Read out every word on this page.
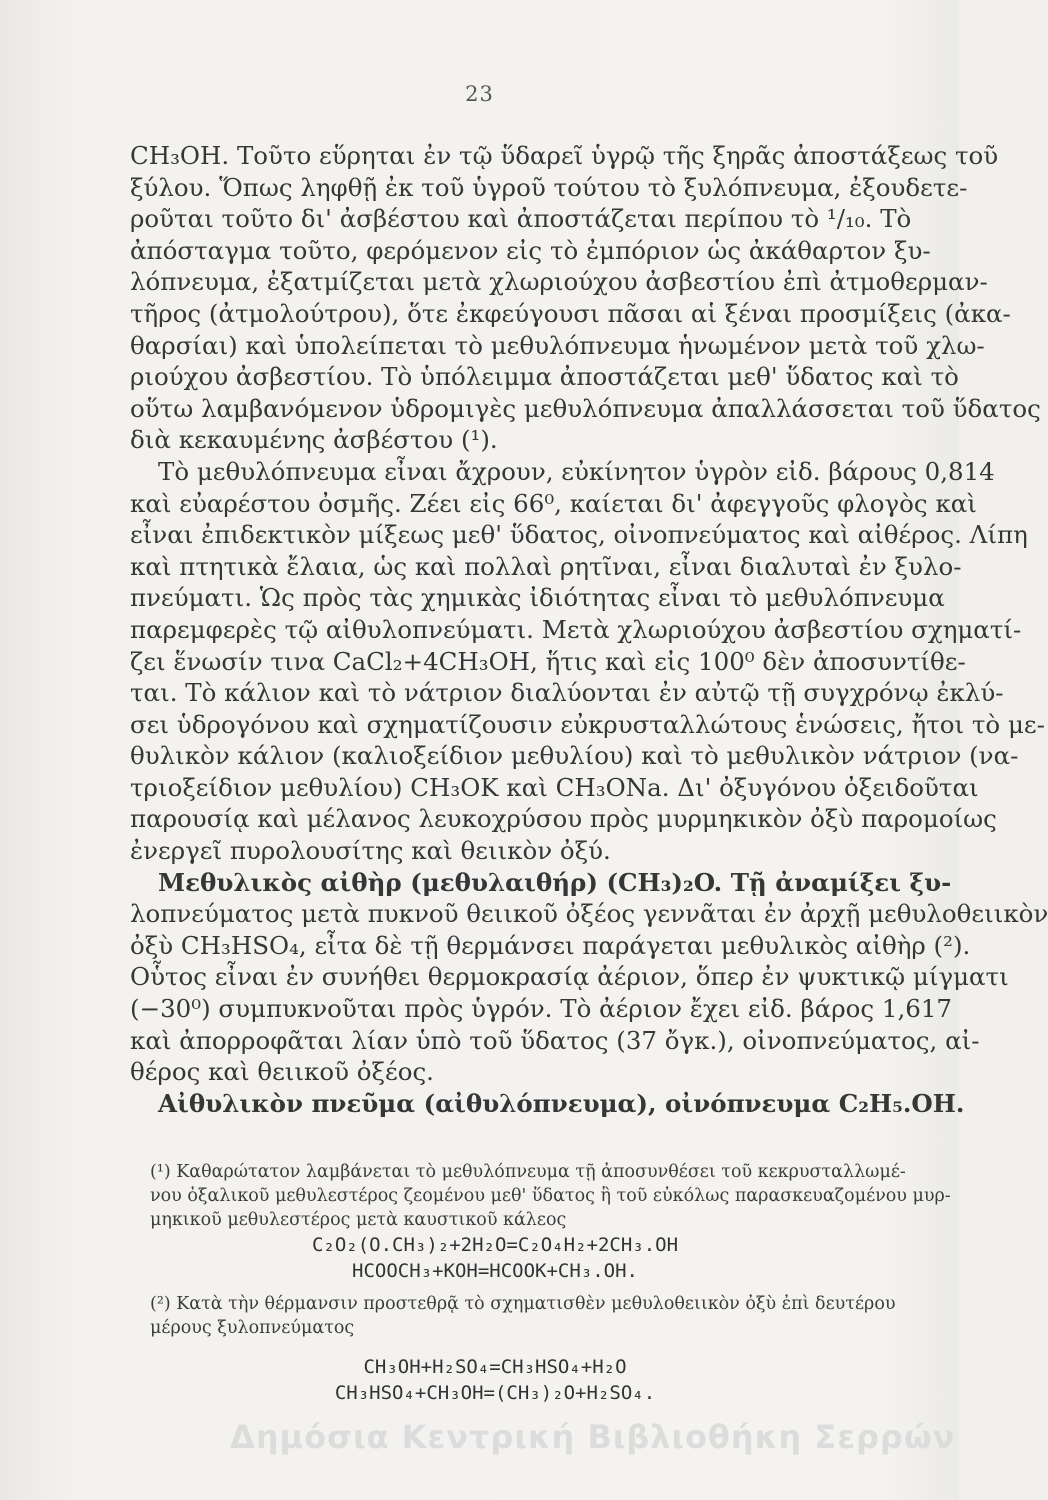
23
CH₃OH. Τοῦτο εὕρηται ἐν τῷ ὕδαρεῖ ὑγρῷ τῆς ξηρᾶς ἀποστάξεως τοῦ
ξύλου. Ὅπως ληφθῇ ἐκ τοῦ ὑγροῦ τούτου τὸ ξυλόπνευμα, ἐξουδετε-
ροῦται τοῦτο δι' ἀσβέστου καὶ ἀποστάζεται περίπου τὸ ¹/₁₀. Τὸ
ἀπόσταγμα τοῦτο, φερόμενον εἰς τὸ ἐμπόριον ὡς ἀκάθαρτον ξυ-
λόπνευμα, ἐξατμίζεται μετὰ χλωριούχου ἀσβεστίου ἐπὶ ἀτμοθερμαν-
τῆρος (ἀτμολούτρου), ὅτε ἐκφεύγουσι πᾶσαι αἱ ξέναι προσμίξεις (ἀκα-
θαρσίαι) καὶ ὑπολείπεται τὸ μεθυλόπνευμα ἡνωμένον μετὰ τοῦ χλω-
ριούχου ἀσβεστίου. Τὸ ὑπόλειμμα ἀποστάζεται μεθ' ὕδατος καὶ τὸ
οὕτω λαμβανόμενον ὑδρομιγὲς μεθυλόπνευμα ἀπαλλάσσεται τοῦ ὕδατος
διὰ κεκαυμένης ἀσβέστου (¹).
Τὸ μεθυλόπνευμα εἶναι ἄχρουν, εὐκίνητον ὑγρὸν εἰδ. βάρους 0,814
καὶ εὐαρέστου ὀσμῆς. Ζέει εἰς 66⁰, καίεται δι' ἀφεγγοῦς φλογὸς καὶ
εἶναι ἐπιδεκτικὸν μίξεως μεθ' ὕδατος, οἰνοπνεύματος καὶ αἰθέρος. Λίπη
καὶ πτητικὰ ἔλαια, ὡς καὶ πολλαὶ ρητῖναι, εἶναι διαλυταὶ ἐν ξυλο-
πνεύματι. Ὡς πρὸς τὰς χημικὰς ἰδιότητας εἶναι τὸ μεθυλόπνευμα
παρεμφερὲς τῷ αἰθυλοπνεύματι. Μετὰ χλωριούχου ἀσβεστίου σχηματί-
ζει ἕνωσίν τινα CaCl₂+4CH₃OH, ἥτις καὶ εἰς 100⁰ δὲν ἀποσυντίθε-
ται. Τὸ κάλιον καὶ τὸ νάτριον διαλύονται ἐν αὐτῷ τῇ συγχρόνῳ ἐκλύ-
σει ὑδρογόνου καὶ σχηματίζουσιν εὐκρυσταλλώτους ἑνώσεις, ἤτοι τὸ με-
θυλικὸν κάλιον (καλιοξείδιον μεθυλίου) καὶ τὸ μεθυλικὸν νάτριον (να-
τριοξείδιον μεθυλίου) CH₃OK καὶ CH₃ONa. Δι' ὀξυγόνου ὀξειδοῦται
παρουσίᾳ καὶ μέλανος λευκοχρύσου πρὸς μυρμηκικὸν ὀξὺ παρομοίως
ἐνεργεῖ πυρολουσίτης καὶ θειικὸν ὀξύ.
Μεθυλικὸς αἰθὴρ (μεθυλαιθήρ) (CH₃)₂O. Τῇ ἀναμίξει ξυ-
λοπνεύματος μετὰ πυκνοῦ θειικοῦ ὀξέος γεννᾶται ἐν ἀρχῇ μεθυλοθειικὸν
ὀξὺ CH₃HSO₄, εἶτα δὲ τῇ θερμάνσει παράγεται μεθυλικὸς αἰθὴρ (²).
Οὗτος εἶναι ἐν συνήθει θερμοκρασίᾳ ἀέριον, ὅπερ ἐν ψυκτικῷ μίγματι
(−30⁰) συμπυκνοῦται πρὸς ὑγρόν. Τὸ ἀέριον ἔχει εἰδ. βάρος 1,617
καὶ ἀπορροφᾶται λίαν ὑπὸ τοῦ ὕδατος (37 ὄγκ.), οἰνοπνεύματος, αἰ-
θέρος καὶ θειικοῦ ὀξέος.
Αἰθυλικὸν πνεῦμα (αἰθυλόπνευμα), οἰνόπνευμα C₂H₅.OH.
(¹) Καθαρώτατον λαμβάνεται τὸ μεθυλόπνευμα τῇ ἀποσυνθέσει τοῦ κεκρυσταλλωμέ-
νου ὀξαλικοῦ μεθυλεστέρος ζεομένου μεθ' ὕδατος ἢ τοῦ εὐκόλως παρασκευαζομένου μυρ-
μηκικοῦ μεθυλεστέρος μετὰ καυστικοῦ κάλεος
C₂O₂(O.CH₃)₂+2H₂O=C₂O₄H₂+2CH₃.OH
HCOOCH₃+KOH=HCOOK+CH₃.OH.
(²) Κατὰ τὴν θέρμανσιν προστεθρᾷ τὸ σχηματισθὲν μεθυλοθειικὸν ὀξὺ ἐπὶ δευτέρου
μέρους ξυλοπνεύματος
CH₃OH+H₂SO₄=CH₃HSO₄+H₂O
CH₃HSO₄+CH₃OH=(CH₃)₂O+H₂SO₄.
Δημόσια Κεντρική Βιβλιοθήκη Σερρών
